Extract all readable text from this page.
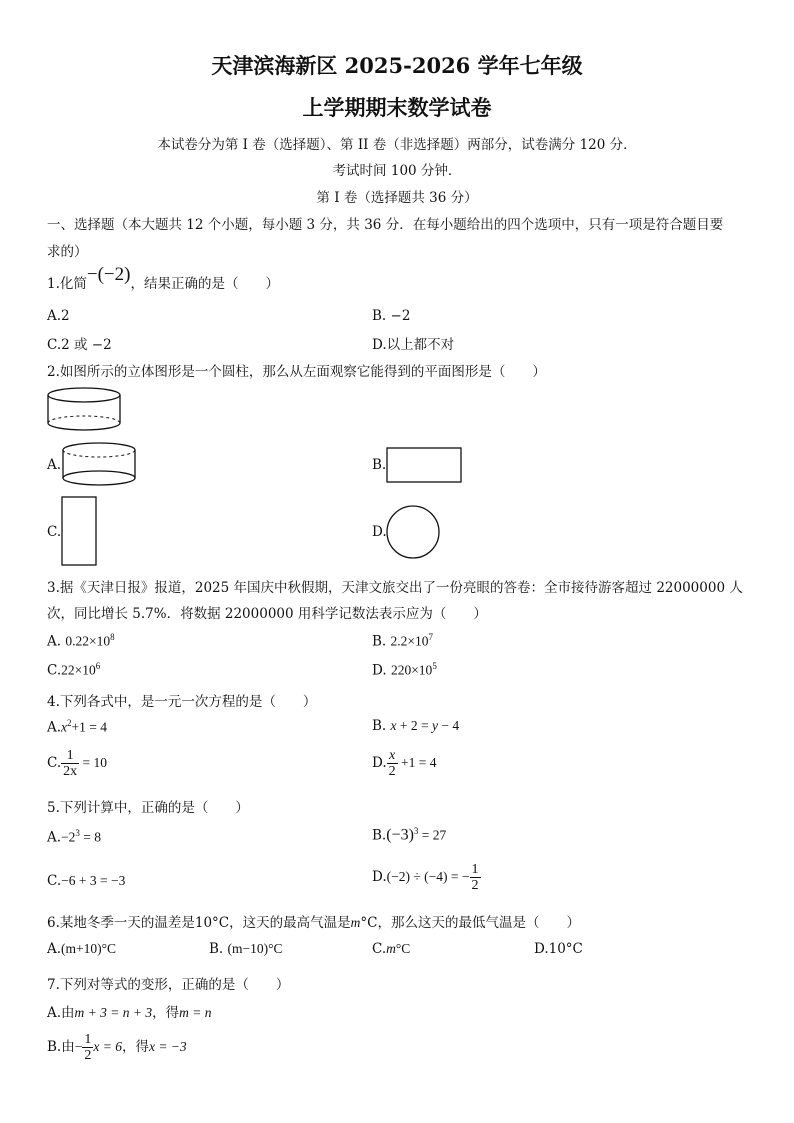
天津滨海新区 2025-2026 学年七年级
上学期期末数学试卷
本试卷分为第 I 卷（选择题）、第 II 卷（非选择题）两部分，试卷满分 120 分．
考试时间 100 分钟．
第 I 卷（选择题共 36 分）
一、选择题（本大题共 12 个小题，每小题 3 分，共 36 分．在每小题给出的四个选项中，只有一项是符合题目要
求的）
1.化简−(−2)，结果正确的是（　　）
A.2	B. −2
C.2 或 −2	D.以上都不对
2.如图所示的立体图形是一个圆柱，那么从左面观察它能得到的平面图形是（　　）
A.	B.
C.	D.
3.据《天津日报》报道，2025 年国庆中秋假期，天津文旅交出了一份亮眼的答卷：全市接待游客超过 22000000 人
次，同比增长 5.7%．将数据 22000000 用科学记数法表示应为（　　）
A. $0.22\times 10^8$	B. $2.2\times 10^7$
$C.22\times 10^6$	D. $220\times 10^5$
4.下列各式中，是一元一次方程的是（　　）
$A.x^2+1 = 4$	B. x + 2 = y − 4
C. $\frac{1}{2x} = 10$	D. $\frac{x}{2} +1 = 4$
5.下列计算中，正确的是（　　）
$A.-2^3 = 8$	$B.(-3)^3 = 27$
C.−6 + 3 = −3	D.(−2) ÷ (−4) = − $\frac{1}{2}$
6.某地冬季一天的温差是10°C，这天的最高气温是m°C，那么这天的最低气温是（　　）
A.(m+10)°C	B. (m−10)°C	C.m°C	D.10°C
7.下列对等式的变形，正确的是（　　）
A.由m + 3 = n + 3，得m = n
B.由− $\frac{1}{2}$ x = 6，得x = −3
